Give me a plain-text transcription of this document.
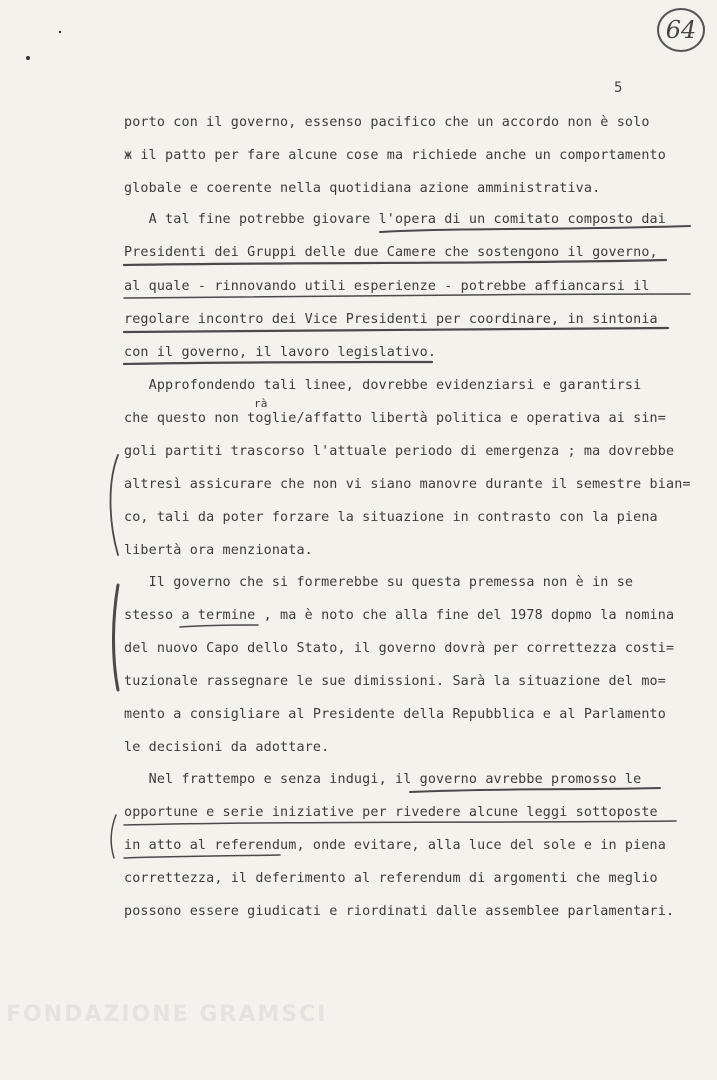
64
5
porto con il governo, essenso pacifico che un accordo non è solo
ж il patto per fare alcune cose ma richiede anche un comportamento
globale e coerente nella quotidiana azione amministrativa.
A tal fine potrebbe giovare l'opera di un comitato composto dai
Presidenti dei Gruppi delle due Camere che sostengono il governo,
al quale - rinnovando utili esperienze - potrebbe affiancarsi il
regolare incontro dei Vice Presidenti per coordinare, in sintonia
con il governo, il lavoro legislativo.
Approfondendo tali linee, dovrebbe evidenziarsi e garantirsi
che questo non toglie/affatto libertà politica e operativa ai sin=
goli partiti trascorso l'attuale periodo di emergenza ; ma dovrebbe
altresì assicurare che non vi siano manovre durante il semestre bian=
co, tali da poter forzare la situazione in contrasto con la piena
libertà ora menzionata.
Il governo che si formerebbe su questa premessa non è in se
stesso a termine , ma è noto che alla fine del 1978 dopmo la nomina
del nuovo Capo dello Stato, il governo dovrà per correttezza costi=
tuzionale rassegnare le sue dimissioni. Sarà la situazione del mo=
mento a consigliare al Presidente della Repubblica e al Parlamento
le decisioni da adottare.
Nel frattempo e senza indugi, il governo avrebbe promosso le
opportune e serie iniziative per rivedere alcune leggi sottoposte
in atto al referendum, onde evitare, alla luce del sole e in piena
correttezza, il deferimento al referendum di argomenti che meglio
possono essere giudicati e riordinati dalle assemblee parlamentari.
rà
FONDAZIONE GRAMSCI
